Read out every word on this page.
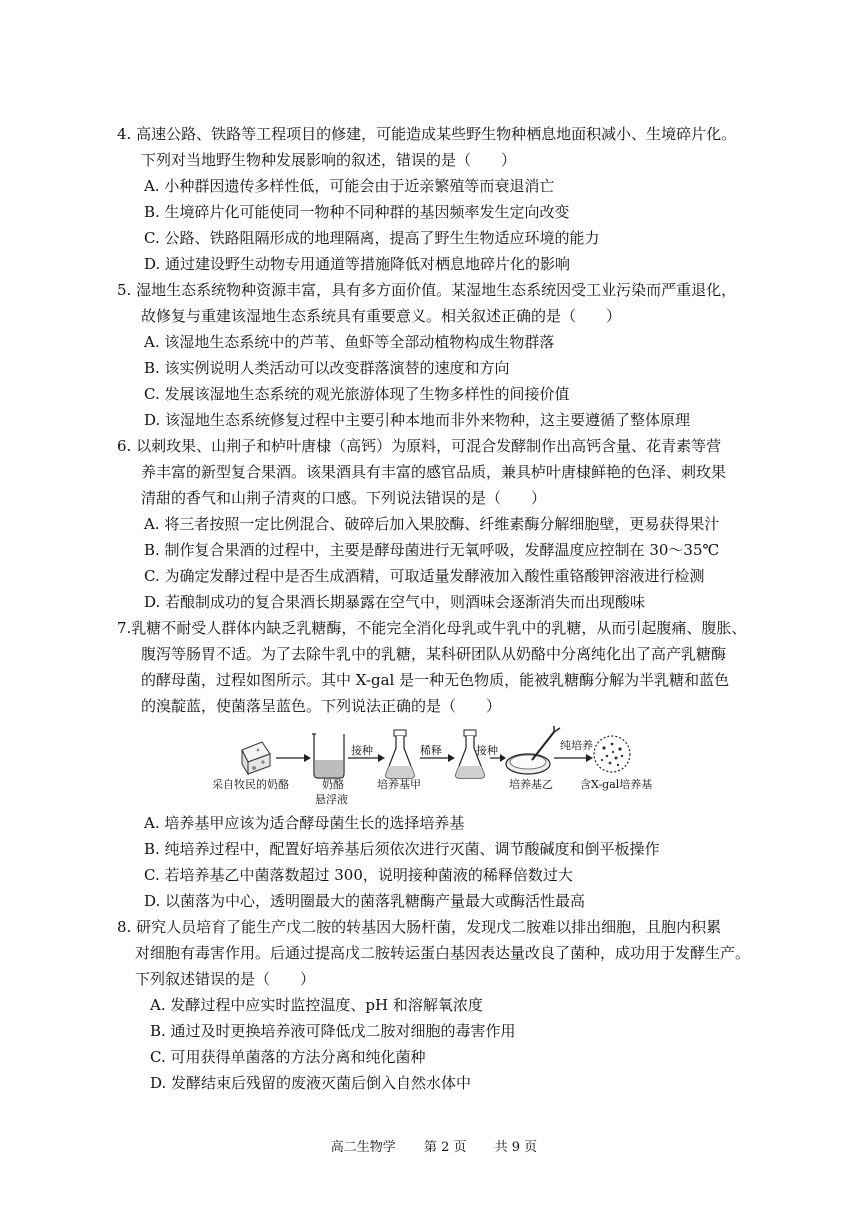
4. 高速公路、铁路等工程项目的修建，可能造成某些野生物种栖息地面积减小、生境碎片化。
下列对当地野生物种发展影响的叙述，错误的是（　　）
A. 小种群因遗传多样性低，可能会由于近亲繁殖等而衰退消亡
B. 生境碎片化可能使同一物种不同种群的基因频率发生定向改变
C. 公路、铁路阻隔形成的地理隔离，提高了野生生物适应环境的能力
D. 通过建设野生动物专用通道等措施降低对栖息地碎片化的影响
5. 湿地生态系统物种资源丰富，具有多方面价值。某湿地生态系统因受工业污染而严重退化，
故修复与重建该湿地生态系统具有重要意义。相关叙述正确的是（　　）
A. 该湿地生态系统中的芦苇、鱼虾等全部动植物构成生物群落
B. 该实例说明人类活动可以改变群落演替的速度和方向
C. 发展该湿地生态系统的观光旅游体现了生物多样性的间接价值
D. 该湿地生态系统修复过程中主要引种本地而非外来物种，这主要遵循了整体原理
6. 以刺玫果、山荆子和栌叶唐棣（高钙）为原料，可混合发酵制作出高钙含量、花青素等营
养丰富的新型复合果酒。该果酒具有丰富的感官品质，兼具栌叶唐棣鲜艳的色泽、刺玫果
清甜的香气和山荆子清爽的口感。下列说法错误的是（　　）
A. 将三者按照一定比例混合、破碎后加入果胶酶、纤维素酶分解细胞壁，更易获得果汁
B. 制作复合果酒的过程中，主要是酵母菌进行无氧呼吸，发酵温度应控制在 30～35℃
C. 为确定发酵过程中是否生成酒精，可取适量发酵液加入酸性重铬酸钾溶液进行检测
D. 若酿制成功的复合果酒长期暴露在空气中，则酒味会逐渐消失而出现酸味
7.乳糖不耐受人群体内缺乏乳糖酶，不能完全消化母乳或牛乳中的乳糖，从而引起腹痛、腹胀、
腹泻等肠胃不适。为了去除牛乳中的乳糖，某科研团队从奶酪中分离纯化出了高产乳糖酶
的酵母菌，过程如图所示。其中 X-gal 是一种无色物质，能被乳糖酶分解为半乳糖和蓝色
的溴靛蓝，使菌落呈蓝色。下列说法正确的是（　　）
采自牧民的奶酪	奶酪
悬浮液
接种	稀释
培养基甲
接种
培养基乙
纯培养
含X-gal培养基
A. 培养基甲应该为适合酵母菌生长的选择培养基
B. 纯培养过程中，配置好培养基后须依次进行灭菌、调节酸碱度和倒平板操作
C. 若培养基乙中菌落数超过 300，说明接种菌液的稀释倍数过大
D. 以菌落为中心，透明圈最大的菌落乳糖酶产量最大或酶活性最高
8. 研究人员培育了能生产戊二胺的转基因大肠杆菌，发现戊二胺难以排出细胞，且胞内积累
对细胞有毒害作用。后通过提高戊二胺转运蛋白基因表达量改良了菌种，成功用于发酵生产。
下列叙述错误的是（　　）
A. 发酵过程中应实时监控温度、pH 和溶解氧浓度
B. 通过及时更换培养液可降低戊二胺对细胞的毒害作用
C. 可用获得单菌落的方法分离和纯化菌种
D. 发酵结束后残留的废液灭菌后倒入自然水体中
高二生物学 第 2 页 共 9 页
